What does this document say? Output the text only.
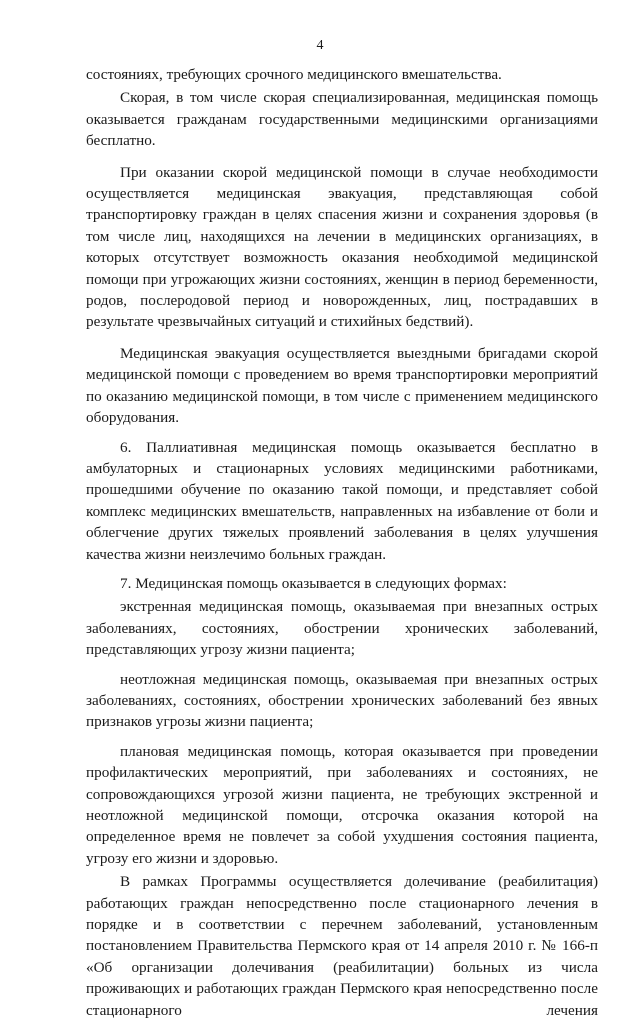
4

состояниях, требующих срочного медицинского вмешательства.

Скорая, в том числе скорая специализированная, медицинская помощь оказывается гражданам государственными медицинскими организациями бесплатно.

При оказании скорой медицинской помощи в случае необходимости осуществляется медицинская эвакуация, представляющая собой транспортировку граждан в целях спасения жизни и сохранения здоровья (в том числе лиц, находящихся на лечении в медицинских организациях, в которых отсутствует возможность оказания необходимой медицинской помощи при угрожающих жизни состояниях, женщин в период беременности, родов, послеродовой период и новорожденных, лиц, пострадавших в результате чрезвычайных ситуаций и стихийных бедствий).

Медицинская эвакуация осуществляется выездными бригадами скорой медицинской помощи с проведением во время транспортировки мероприятий по оказанию медицинской помощи, в том числе с применением медицинского оборудования.

6. Паллиативная медицинская помощь оказывается бесплатно в амбулаторных и стационарных условиях медицинскими работниками, прошедшими обучение по оказанию такой помощи, и представляет собой комплекс медицинских вмешательств, направленных на избавление от боли и облегчение других тяжелых проявлений заболевания в целях улучшения качества жизни неизлечимо больных граждан.

7. Медицинская помощь оказывается в следующих формах:

экстренная медицинская помощь, оказываемая при внезапных острых заболеваниях, состояниях, обострении хронических заболеваний, представляющих угрозу жизни пациента;

неотложная медицинская помощь, оказываемая при внезапных острых заболеваниях, состояниях, обострении хронических заболеваний без явных признаков угрозы жизни пациента;

плановая медицинская помощь, которая оказывается при проведении профилактических мероприятий, при заболеваниях и состояниях, не сопровождающихся угрозой жизни пациента, не требующих экстренной и неотложной медицинской помощи, отсрочка оказания которой на определенное время не повлечет за собой ухудшения состояния пациента, угрозу его жизни и здоровью.

В рамках Программы осуществляется долечивание (реабилитация) работающих граждан непосредственно после стационарного лечения в порядке и в соответствии с перечнем заболеваний, установленным постановлением Правительства Пермского края от 14 апреля 2010 г. № 166-п «Об организации долечивания (реабилитации) больных из числа проживающих и работающих граждан Пермского края непосредственно после стационарного лечения
